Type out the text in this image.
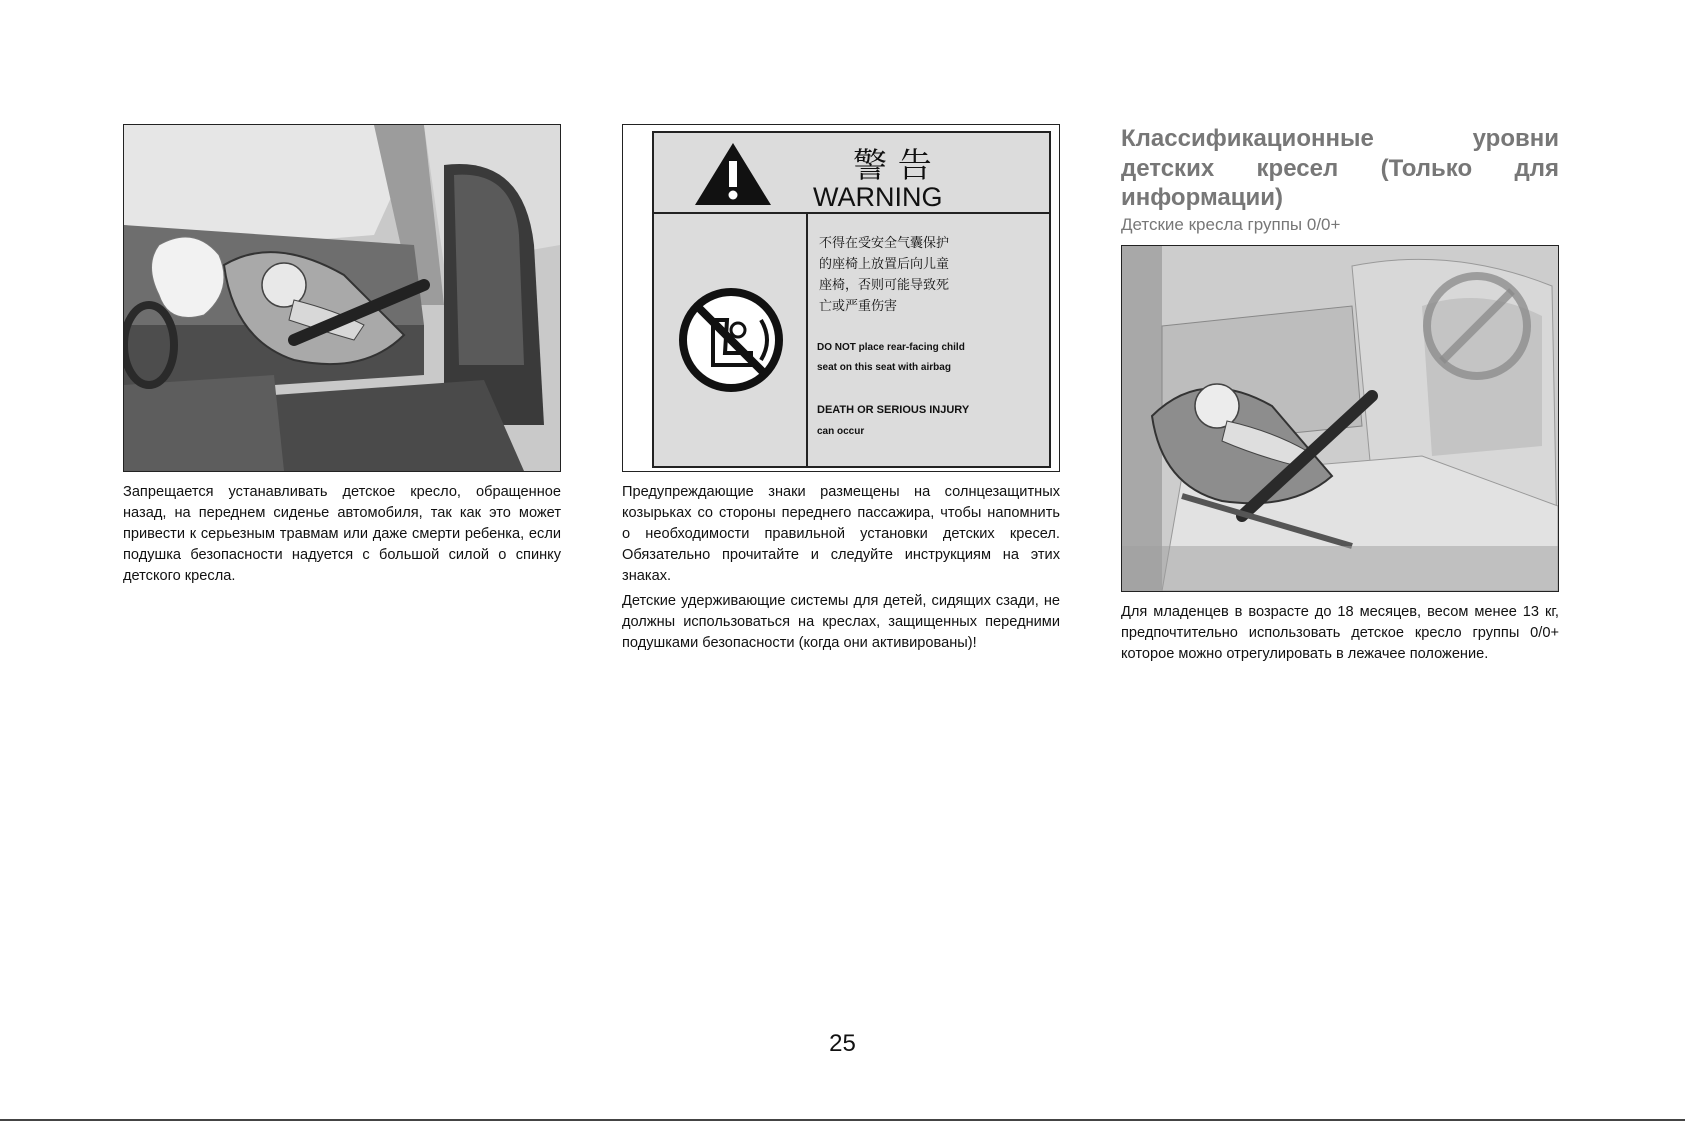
Запрещается устанавливать детское кресло, обращенное назад, на переднем сиденье автомобиля, так как это может привести к серьезным травмам или даже смерти ребенка, если подушка безопасности надуется с большой силой о спинку детского кресла.

警 告
WARNING
不得在受安全气囊保护
的座椅上放置后向儿童
座椅，否则可能导致死
亡或严重伤害
DO NOT place rear-facing child
seat on this seat with airbag
DEATH OR SERIOUS INJURY
can occur

Предупреждающие знаки размещены на солнцезащитных козырьках со стороны переднего пассажира, чтобы напомнить о необходимости правильной установки детских кресел. Обязательно прочитайте и следуйте инструкциям на этих знаках.

Детские удерживающие системы для детей, сидящих сзади, не должны использоваться на креслах, защищенных передними подушками безопасности (когда они активированы)!

Классификационные уровни детских кресел (Только для информации)
Детские кресла группы 0/0+

Для младенцев в возрасте до 18 месяцев, весом менее 13 кг, предпочтительно использовать детское кресло группы 0/0+ которое можно отрегулировать в лежачее положение.

25
